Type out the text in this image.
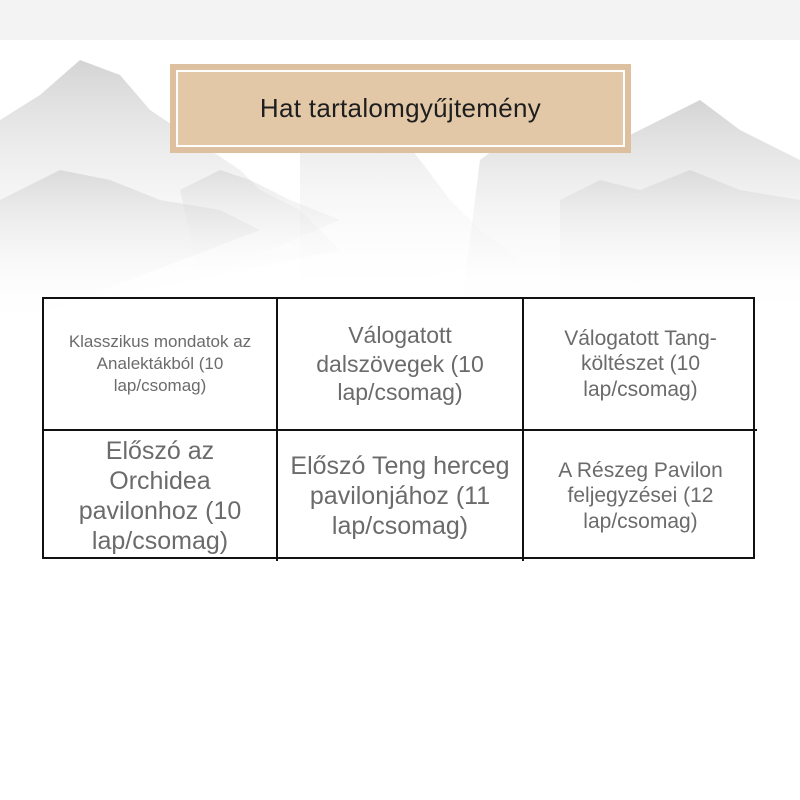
Hat tartalomgyűjtemény
Klasszikus mondatok az Analektákból (10 lap/csomag)
Válogatott dalszövegek (10 lap/csomag)
Válogatott Tang-költészet (10 lap/csomag)
Előszó az Orchidea pavilonhoz (10 lap/csomag)
Előszó Teng herceg pavilonjához (11 lap/csomag)
A Részeg Pavilon feljegyzései (12 lap/csomag)
